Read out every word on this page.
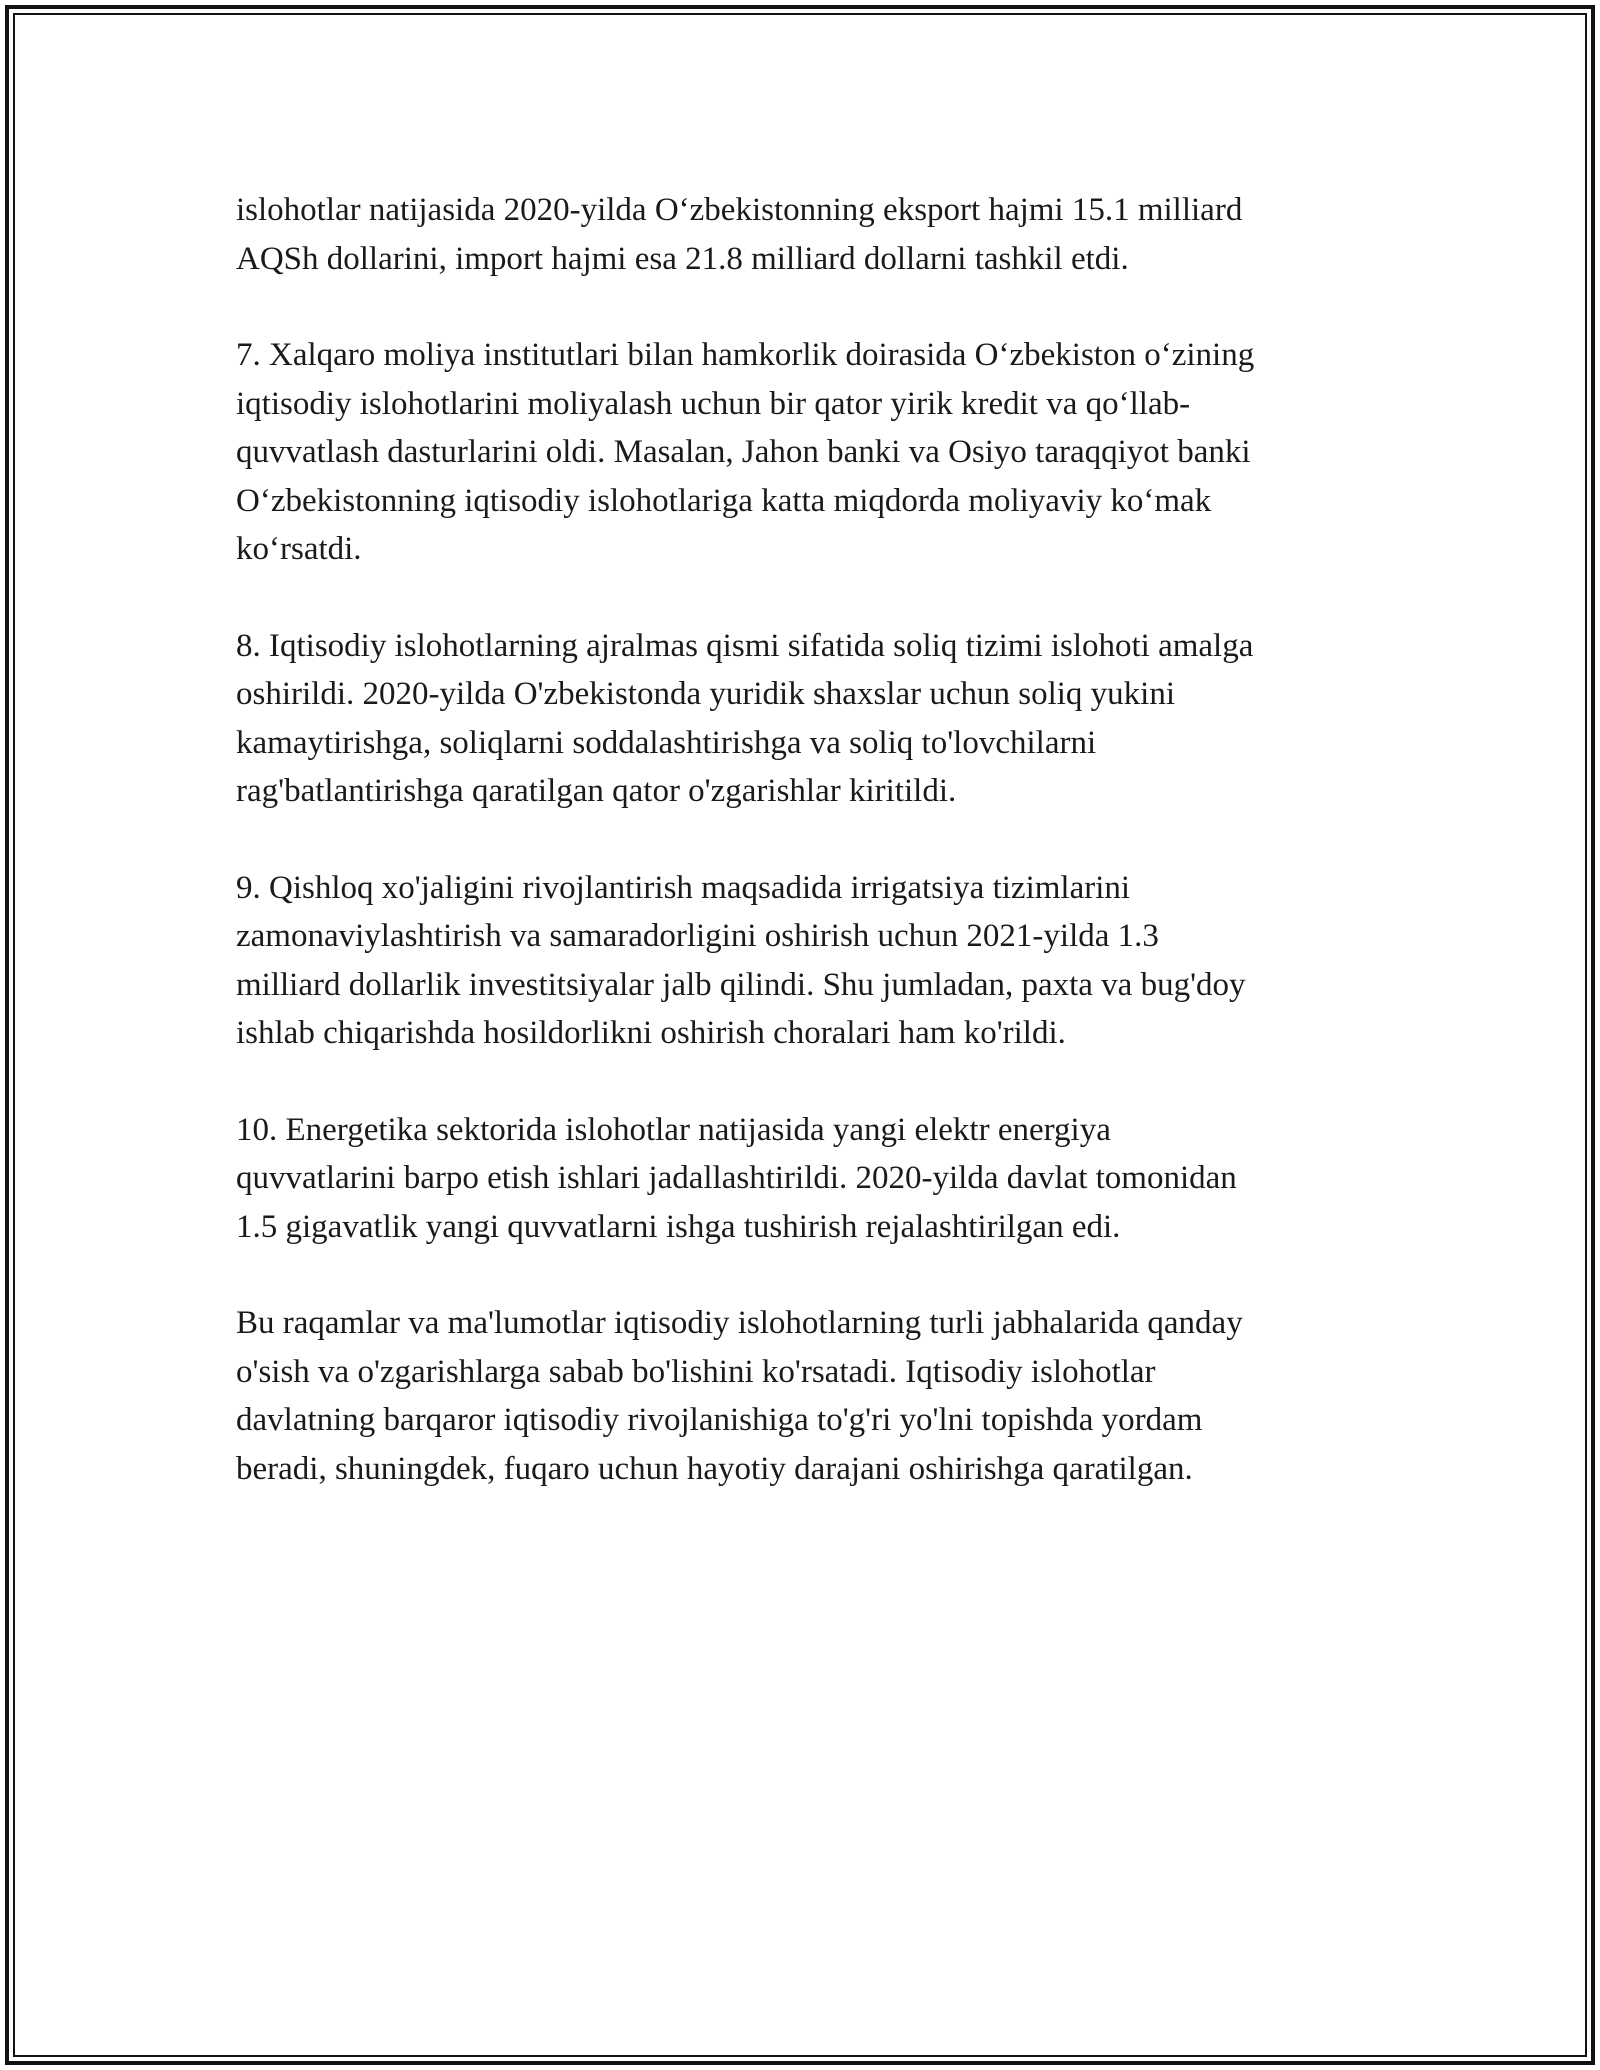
islohotlar natijasida 2020-yilda O‘zbekistonning eksport hajmi 15.1 milliard
AQSh dollarini, import hajmi esa 21.8 milliard dollarni tashkil etdi.

7. Xalqaro moliya institutlari bilan hamkorlik doirasida O‘zbekiston o‘zining
iqtisodiy islohotlarini moliyalash uchun bir qator yirik kredit va qo‘llab-
quvvatlash dasturlarini oldi. Masalan, Jahon banki va Osiyo taraqqiyot banki
O‘zbekistonning iqtisodiy islohotlariga katta miqdorda moliyaviy ko‘mak
ko‘rsatdi.

8. Iqtisodiy islohotlarning ajralmas qismi sifatida soliq tizimi islohoti amalga
oshirildi. 2020-yilda O'zbekistonda yuridik shaxslar uchun soliq yukini
kamaytirishga, soliqlarni soddalashtirishga va soliq to'lovchilarni
rag'batlantirishga qaratilgan qator o'zgarishlar kiritildi.

9. Qishloq xo'jaligini rivojlantirish maqsadida irrigatsiya tizimlarini
zamonaviylashtirish va samaradorligini oshirish uchun 2021-yilda 1.3
milliard dollarlik investitsiyalar jalb qilindi. Shu jumladan, paxta va bug'doy
ishlab chiqarishda hosildorlikni oshirish choralari ham ko'rildi.

10. Energetika sektorida islohotlar natijasida yangi elektr energiya
quvvatlarini barpo etish ishlari jadallashtirildi. 2020-yilda davlat tomonidan
1.5 gigavatlik yangi quvvatlarni ishga tushirish rejalashtirilgan edi.

Bu raqamlar va ma'lumotlar iqtisodiy islohotlarning turli jabhalarida qanday
o'sish va o'zgarishlarga sabab bo'lishini ko'rsatadi. Iqtisodiy islohotlar
davlatning barqaror iqtisodiy rivojlanishiga to'g'ri yo'lni topishda yordam
beradi, shuningdek, fuqaro uchun hayotiy darajani oshirishga qaratilgan.
